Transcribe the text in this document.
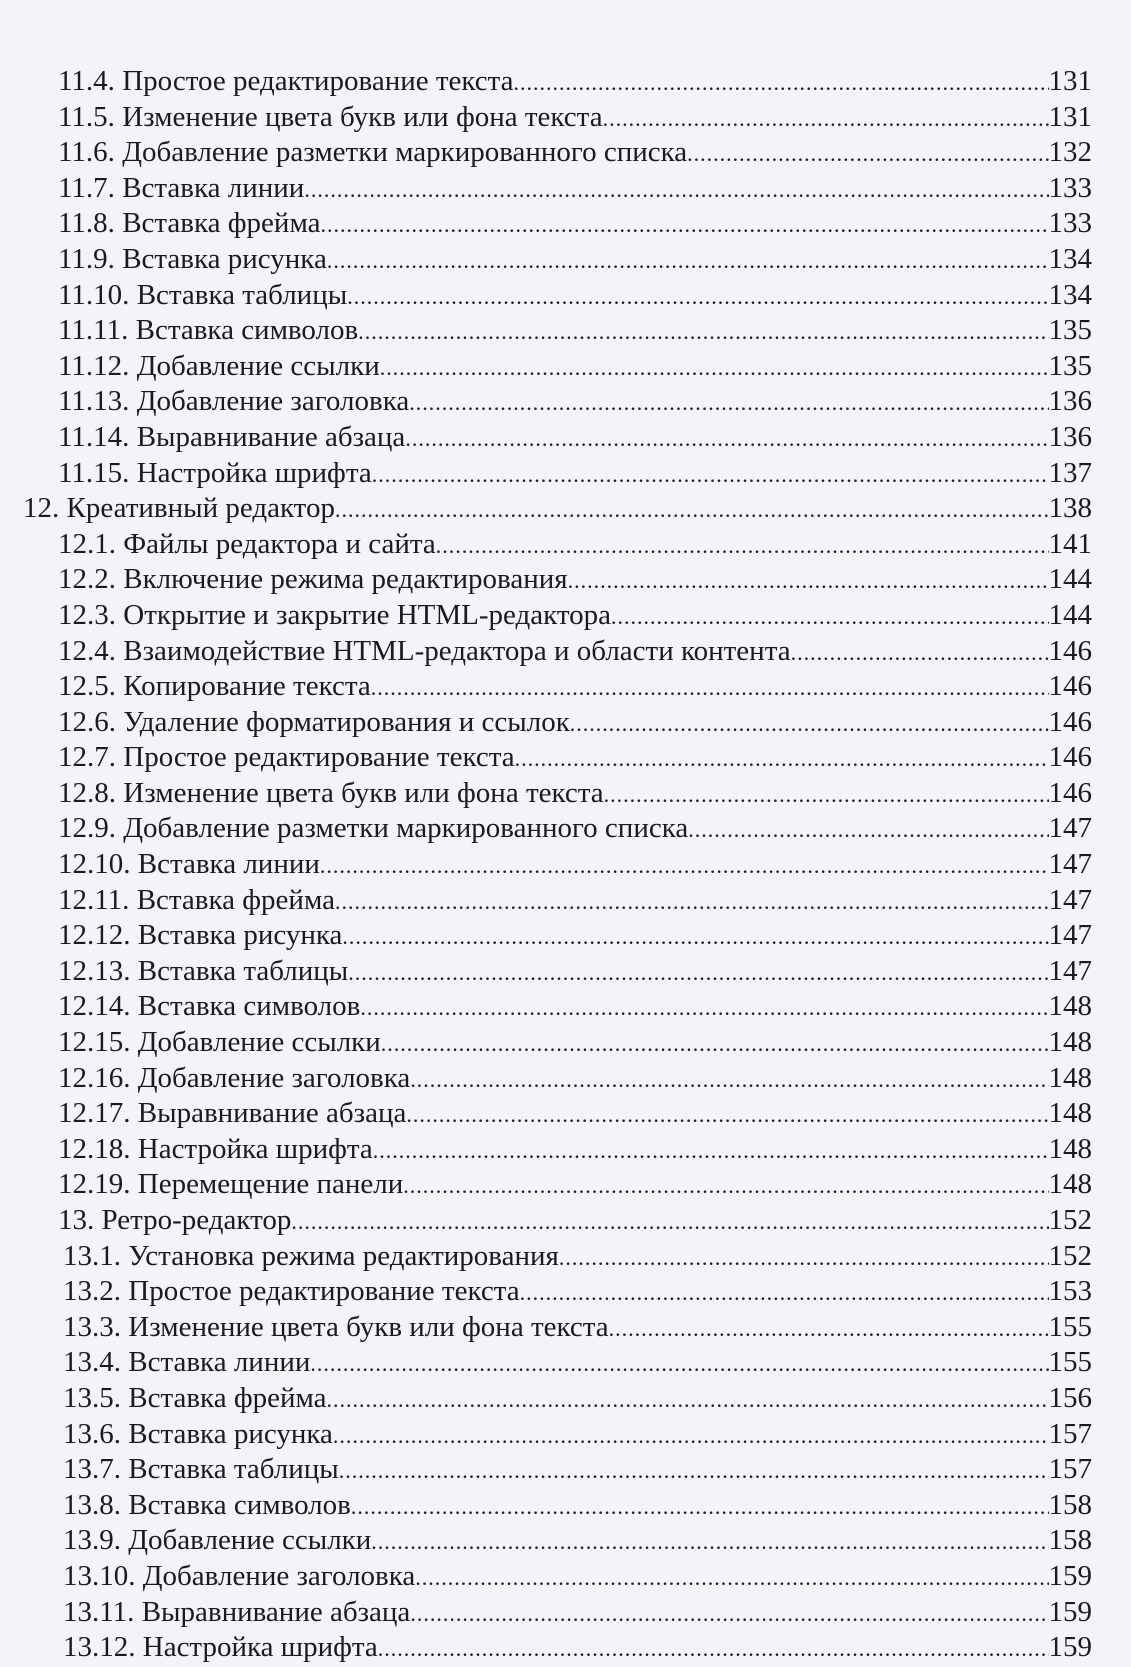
11.4. Простое редактирование текста .....	131
11.5. Изменение цвета букв или фона текста .....	131
11.6. Добавление разметки маркированного списка .....	132
11.7. Вставка линии .....	133
11.8. Вставка фрейма .....	133
11.9. Вставка рисунка .....	134
11.10. Вставка таблицы .....	134
11.11. Вставка символов .....	135
11.12. Добавление ссылки .....	135
11.13. Добавление заголовка .....	136
11.14. Выравнивание абзаца .....	136
11.15. Настройка шрифта .....	137
12. Креативный редактор .....	138
12.1. Файлы редактора и сайта .....	141
12.2. Включение режима редактирования .....	144
12.3. Открытие и закрытие HTML-редактора .....	144
12.4. Взаимодействие HTML-редактора и области контента .....	146
12.5. Копирование текста .....	146
12.6. Удаление форматирования и ссылок .....	146
12.7. Простое редактирование текста .....	146
12.8. Изменение цвета букв или фона текста .....	146
12.9. Добавление разметки маркированного списка .....	147
12.10. Вставка линии .....	147
12.11. Вставка фрейма .....	147
12.12. Вставка рисунка .....	147
12.13. Вставка таблицы .....	147
12.14. Вставка символов .....	148
12.15. Добавление ссылки .....	148
12.16. Добавление заголовка .....	148
12.17. Выравнивание абзаца .....	148
12.18. Настройка шрифта .....	148
12.19. Перемещение панели .....	148
13. Ретро-редактор .....	152
13.1. Установка режима редактирования .....	152
13.2. Простое редактирование текста .....	153
13.3. Изменение цвета букв или фона текста .....	155
13.4. Вставка линии .....	155
13.5. Вставка фрейма .....	156
13.6. Вставка рисунка .....	157
13.7. Вставка таблицы .....	157
13.8. Вставка символов .....	158
13.9. Добавление ссылки .....	158
13.10. Добавление заголовка .....	159
13.11. Выравнивание абзаца .....	159
13.12. Настройка шрифта .....	159
